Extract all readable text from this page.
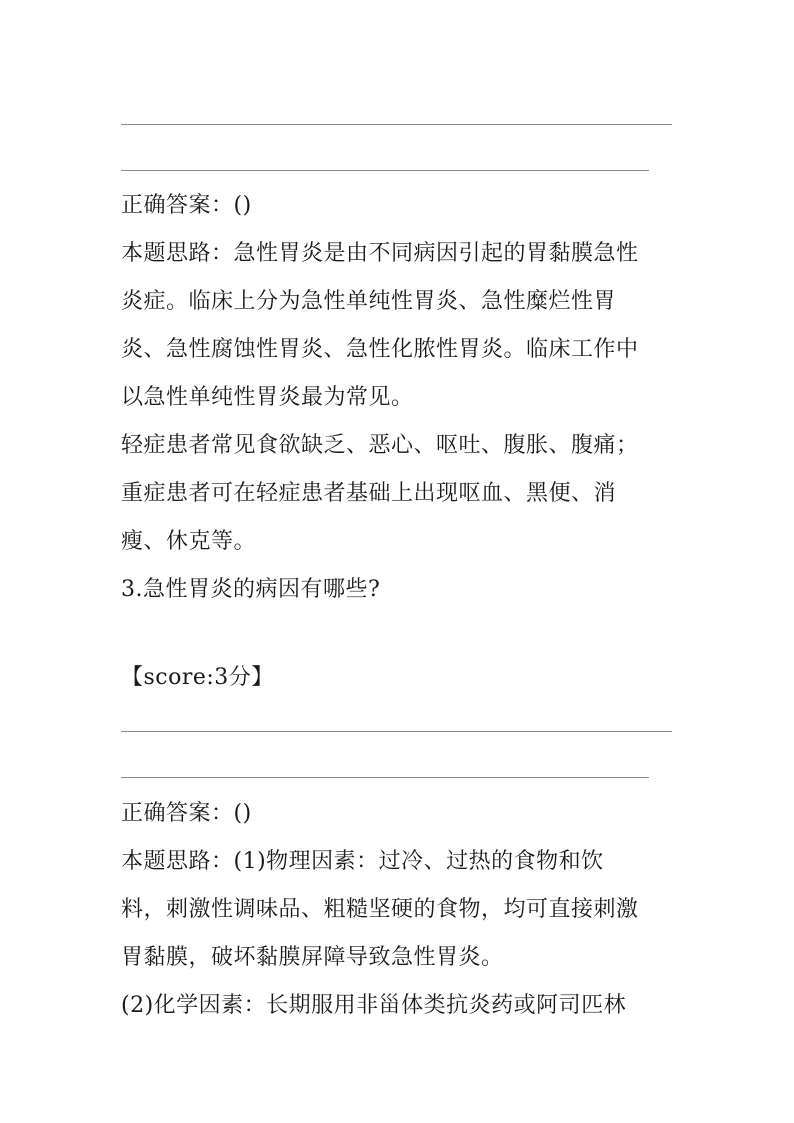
正确答案：()
本题思路：急性胃炎是由不同病因引起的胃黏膜急性
炎症。临床上分为急性单纯性胃炎、急性糜烂性胃
炎、急性腐蚀性胃炎、急性化脓性胃炎。临床工作中
以急性单纯性胃炎最为常见。
轻症患者常见食欲缺乏、恶心、呕吐、腹胀、腹痛；
重症患者可在轻症患者基础上出现呕血、黑便、消
瘦、休克等。
3.急性胃炎的病因有哪些?
【score:3分】
正确答案：()
本题思路：(1)物理因素：过冷、过热的食物和饮
料，刺激性调味品、粗糙坚硬的食物，均可直接刺激
胃黏膜，破坏黏膜屏障导致急性胃炎。
(2)化学因素：长期服用非甾体类抗炎药或阿司匹林
